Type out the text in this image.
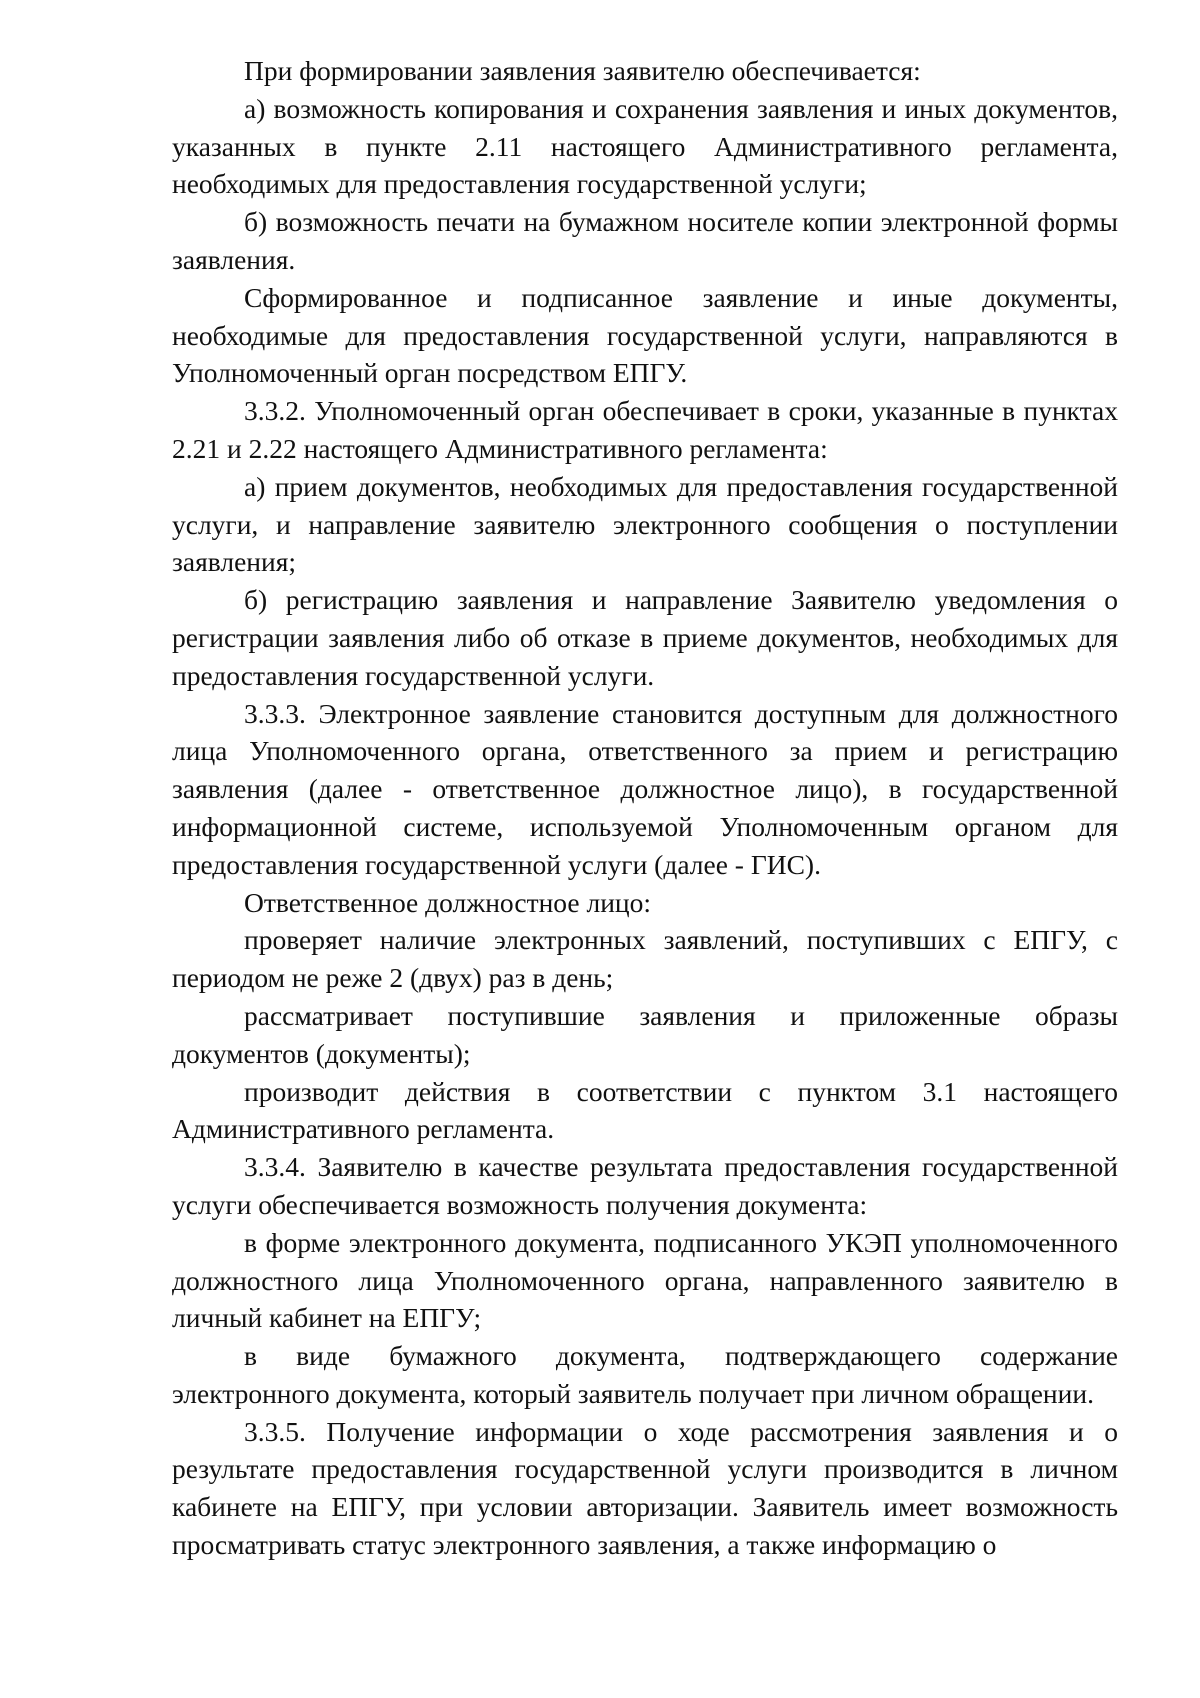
При формировании заявления заявителю обеспечивается:

а) возможность копирования и сохранения заявления и иных документов, указанных в пункте 2.11 настоящего Административного регламента, необходимых для предоставления государственной услуги;

б) возможность печати на бумажном носителе копии электронной формы заявления.

Сформированное и подписанное заявление и иные документы, необходимые для предоставления государственной услуги, направляются в Уполномоченный орган посредством ЕПГУ.

3.3.2. Уполномоченный орган обеспечивает в сроки, указанные в пунктах 2.21 и 2.22 настоящего Административного регламента:

а) прием документов, необходимых для предоставления государственной услуги, и направление заявителю электронного сообщения о поступлении заявления;

б) регистрацию заявления и направление Заявителю уведомления о регистрации заявления либо об отказе в приеме документов, необходимых для предоставления государственной услуги.

3.3.3. Электронное заявление становится доступным для должностного лица Уполномоченного органа, ответственного за прием и регистрацию заявления (далее - ответственное должностное лицо), в государственной информационной системе, используемой Уполномоченным органом для предоставления государственной услуги (далее - ГИС).

Ответственное должностное лицо:

проверяет наличие электронных заявлений, поступивших с ЕПГУ, с периодом не реже 2 (двух) раз в день;

рассматривает поступившие заявления и приложенные образы документов (документы);

производит действия в соответствии с пунктом 3.1 настоящего Административного регламента.

3.3.4. Заявителю в качестве результата предоставления государственной услуги обеспечивается возможность получения документа:

в форме электронного документа, подписанного УКЭП уполномоченного должностного лица Уполномоченного органа, направленного заявителю в личный кабинет на ЕПГУ;

в виде бумажного документа, подтверждающего содержание электронного документа, который заявитель получает при личном обращении.

3.3.5. Получение информации о ходе рассмотрения заявления и о результате предоставления государственной услуги производится в личном кабинете на ЕПГУ, при условии авторизации. Заявитель имеет возможность просматривать статус электронного заявления, а также информацию о
